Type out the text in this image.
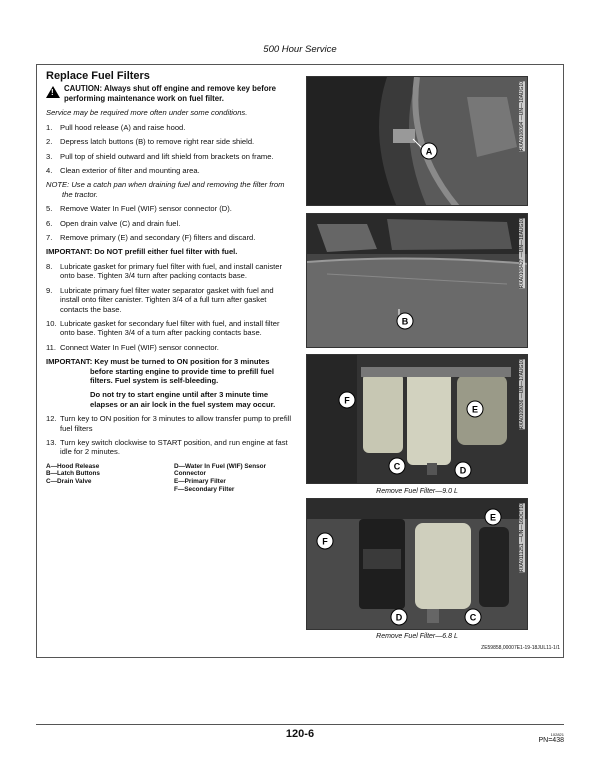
500 Hour Service
Replace Fuel Filters
! CAUTION: Always shut off engine and remove key before performing maintenance work on fuel filter.
Service may be required more often under some conditions.
1.	Pull hood release (A) and raise hood.
2.	Depress latch buttons (B) to remove right rear side shield.
3.	Pull top of shield outward and lift shield from brackets on frame.
4.	Clean exterior of filter and mounting area.
NOTE: Use a catch pan when draining fuel and removing the filter from the tractor.
5.	Remove Water In Fuel (WIF) sensor connector (D).
6.	Open drain valve (C) and drain fuel.
7.	Remove primary (E) and secondary (F) filters and discard.
IMPORTANT: Do NOT prefill either fuel filter with fuel.
8.	Lubricate gasket for primary fuel filter with fuel, and install canister onto base. Tighten 3/4 turn after packing contacts base.
9.	Lubricate primary fuel filter water separator gasket with fuel and install onto filter canister. Tighten 3/4 of a full turn after gasket contacts the base.
10. Lubricate gasket for secondary fuel filter with fuel, and install filter onto base. Tighten 3/4 of a turn after packing contacts base.
11. Connect Water In Fuel (WIF) sensor connector.
IMPORTANT: Key must be turned to ON position for 3 minutes before starting engine to provide time to prefill fuel filters. Fuel system is self-bleeding.
Do not try to start engine until after 3 minute time elapses or an air lock in the fuel system may occur.
12. Turn key to ON position for 3 minutes to allow transfer pump to prefill fuel filters
13. Turn key switch clockwise to START position, and run engine at fast idle for 2 minutes.
A—Hood Release
B—Latch Buttons
C—Drain Valve
D—Water In Fuel (WIF) Sensor Connector
E—Primary Filter
F—Secondary Filter
A
RXA0108094 —UN—10AUG10
B
RXA0108427 —UN—18AUG10
F
E
C	D
RXA0109036 —UN—17AUG10
Remove Fuel Filter—9.0 L
E
F
D	C
RXA0111251 —UN—16OCT10
Remove Fuel Filter—6.8 L
ZE59858,00007E1-19-18JUL11-1/1
120-6	102821
PN=438
